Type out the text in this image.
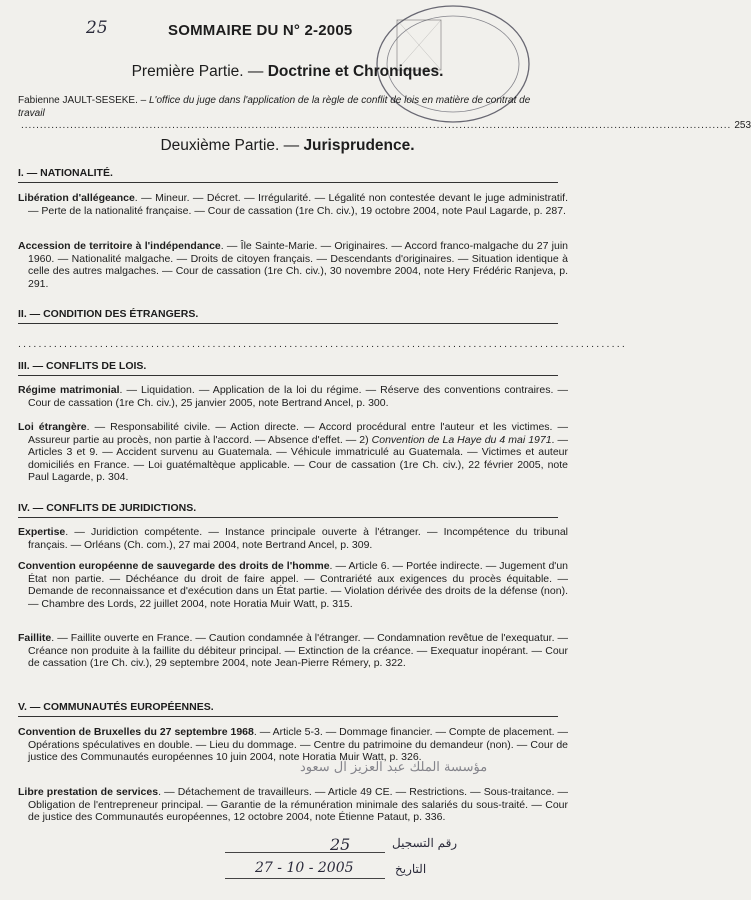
25	SOMMAIRE DU N° 2-2005
Première Partie. — Doctrine et Chroniques.
Fabienne JAULT-SESEKE. – L'office du juge dans l'application de la règle de conflit de lois en matière de contrat de travail
............................................................................................................................................................................................ 253
Deuxième Partie. — Jurisprudence.
I. — NATIONALITÉ.
Libération d'allégeance. — Mineur. — Décret. — Irrégularité. — Légalité non contestée devant le juge administratif. — Perte de la nationalité française. — Cour de cassation (1re Ch. civ.), 19 octobre 2004, note Paul Lagarde, p. 287.
Accession de territoire à l'indépendance. — Île Sainte-Marie. — Originaires. — Accord franco-malgache du 27 juin 1960. — Nationalité malgache. — Droits de citoyen français. — Descendants d'originaires. — Situation identique à celle des autres malgaches. — Cour de cassation (1re Ch. civ.), 30 novembre 2004, note Hery Frédéric Ranjeva, p. 291.
II. — CONDITION DES ÉTRANGERS.
.......................................................................................................................
III. — CONFLITS DE LOIS.
Régime matrimonial. — Liquidation. — Application de la loi du régime. — Réserve des conventions contraires. — Cour de cassation (1re Ch. civ.), 25 janvier 2005, note Bertrand Ancel, p. 300.
Loi étrangère. — Responsabilité civile. — Action directe. — Accord procédural entre l'auteur et les victimes. — Assureur partie au procès, non partie à l'accord. — Absence d'effet. — 2) Convention de La Haye du 4 mai 1971. — Articles 3 et 9. — Accident survenu au Guatemala. — Véhicule immatriculé au Guatemala. — Victimes et auteur domiciliés en France. — Loi guatémaltèque applicable. — Cour de cassation (1re Ch. civ.), 22 février 2005, note Paul Lagarde, p. 304.
IV. — CONFLITS DE JURIDICTIONS.
Expertise. — Juridiction compétente. — Instance principale ouverte à l'étranger. — Incompétence du tribunal français. — Orléans (Ch. com.), 27 mai 2004, note Bertrand Ancel, p. 309.
Convention européenne de sauvegarde des droits de l'homme. — Article 6. — Portée indirecte. — Jugement d'un État non partie. — Déchéance du droit de faire appel. — Contrariété aux exigences du procès équitable. — Demande de reconnaissance et d'exécution dans un État partie. — Violation dérivée des droits de la défense (non). — Chambre des Lords, 22 juillet 2004, note Horatia Muir Watt, p. 315.
Faillite. — Faillite ouverte en France. — Caution condamnée à l'étranger. — Condamnation revêtue de l'exequatur. — Créance non produite à la faillite du débiteur principal. — Extinction de la créance. — Exequatur inopérant. — Cour de cassation (1re Ch. civ.), 29 septembre 2004, note Jean-Pierre Rémery, p. 322.
V. — COMMUNAUTÉS EUROPÉENNES.
Convention de Bruxelles du 27 septembre 1968. — Article 5-3. — Dommage financier. — Compte de placement. — Opérations spéculatives en double. — Lieu du dommage. — Centre du patrimoine du demandeur (non). — Cour de justice des Communautés européennes 10 juin 2004, note Horatia Muir Watt, p. 326.
Libre prestation de services. — Détachement de travailleurs. — Article 49 CE. — Restrictions. — Sous-traitance. — Obligation de l'entrepreneur principal. — Garantie de la rémunération minimale des salariés du sous-traité. — Cour de justice des Communautés européennes, 12 octobre 2004, note Étienne Pataut, p. 336.
مؤسسة الملك عبد العزيز آل سعود
25	رقم التسجيل
27 - 10 - 2005	التاريخ
